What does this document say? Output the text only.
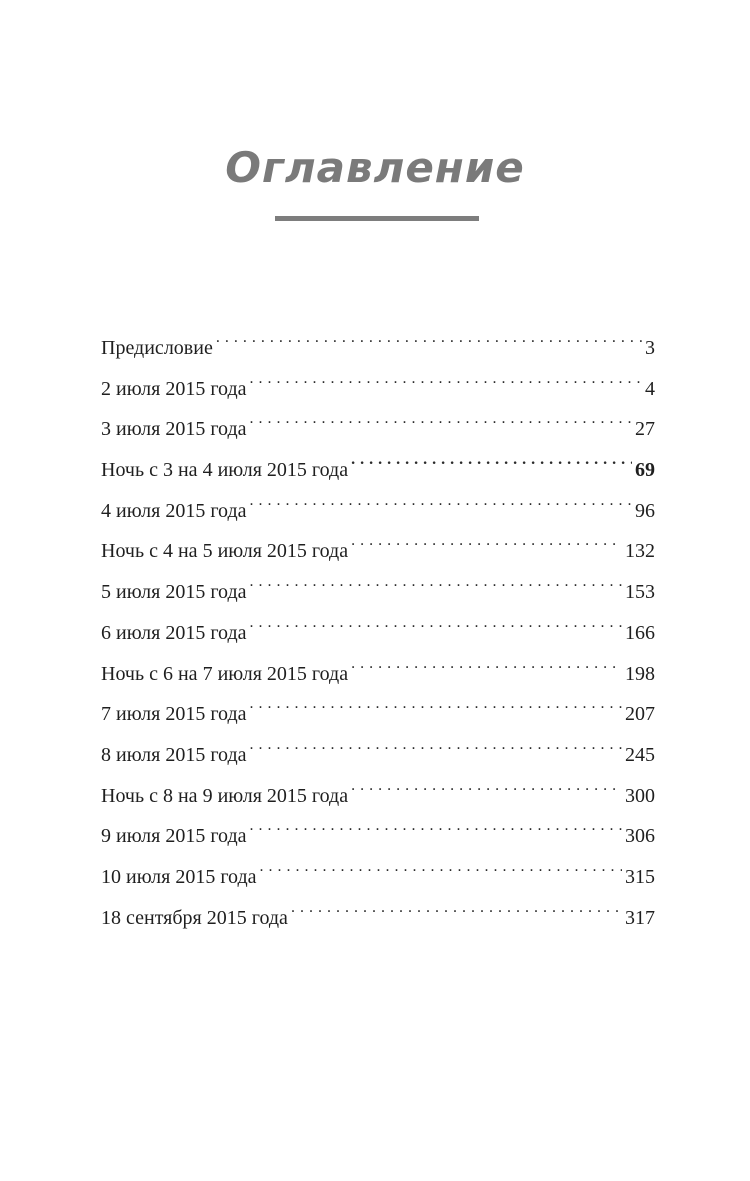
Оглавление
Предисловие . . .	3
2 июля 2015 года . . .	4
3 июля 2015 года . . .	27
Ночь с 3 на 4 июля 2015 года . . .	69
4 июля 2015 года . . .	96
Ночь с 4 на 5 июля 2015 года . . .	132
5 июля 2015 года . . .	153
6 июля 2015 года . . .	166
Ночь с 6 на 7 июля 2015 года . . .	198
7 июля 2015 года . . .	207
8 июля 2015 года . . .	245
Ночь с 8 на 9 июля 2015 года . . .	300
9 июля 2015 года . . .	306
10 июля 2015 года . . .	315
18 сентября 2015 года . . .	317
